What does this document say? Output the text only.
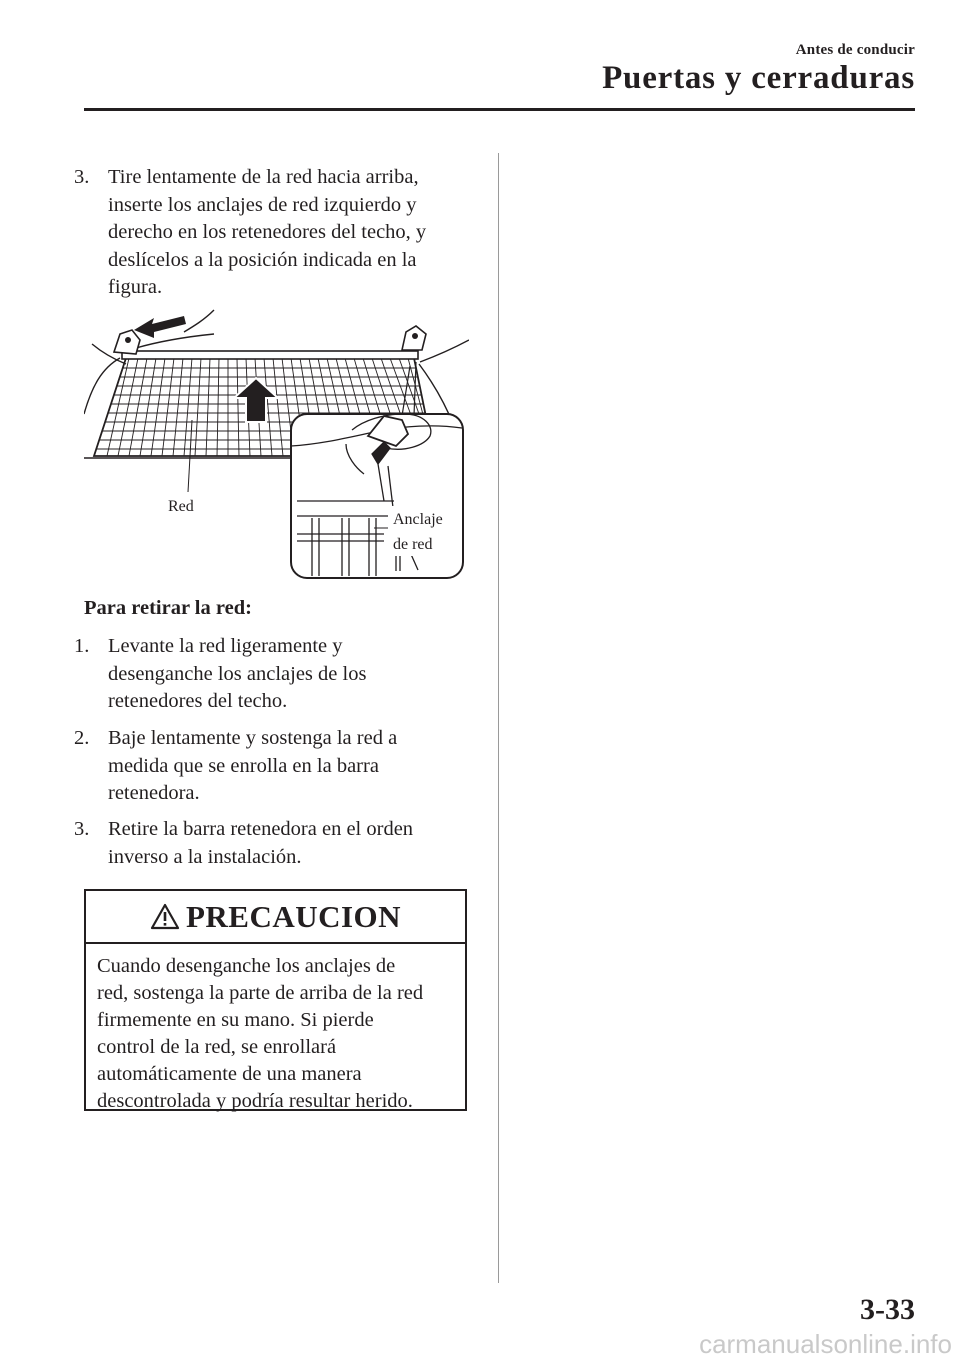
Antes de conducir
Puertas y cerraduras
3. Tire lentamente de la red hacia arriba,
inserte los anclajes de red izquierdo y
derecho en los retenedores del techo, y
deslícelos a la posición indicada en la
figura.
Red
Anclaje
de red
Para retirar la red:
1. Levante la red ligeramente y
desenganche los anclajes de los
retenedores del techo.
2. Baje lentamente y sostenga la red a
medida que se enrolla en la barra
retenedora.
3. Retire la barra retenedora en el orden
inverso a la instalación.
PRECAUCION
Cuando desenganche los anclajes de
red, sostenga la parte de arriba de la red
firmemente en su mano. Si pierde
control de la red, se enrollará
automáticamente de una manera
descontrolada y podría resultar herido.
3-33
carmanualsonline.info
